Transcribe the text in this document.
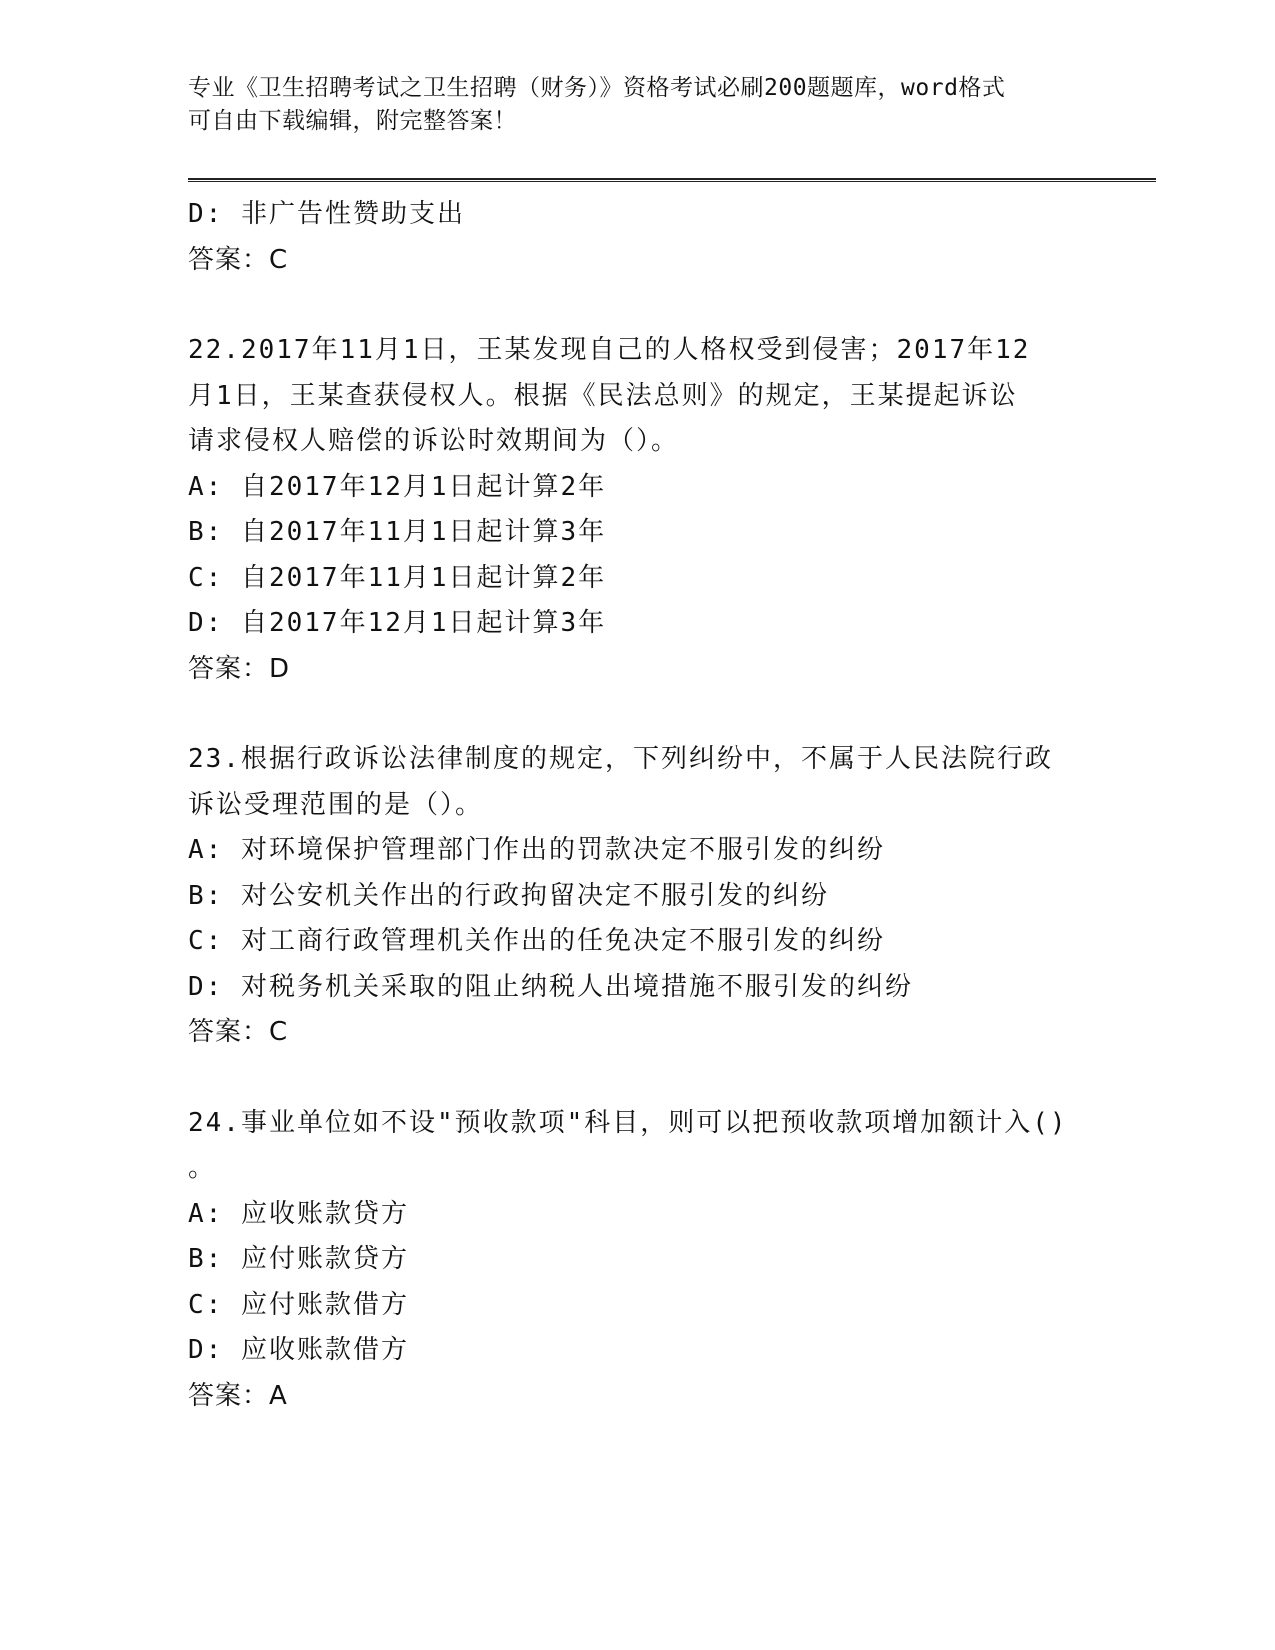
专业《卫生招聘考试之卫生招聘（财务）》资格考试必刷200题题库，word格式
可自由下载编辑，附完整答案！
D: 非广告性赞助支出
答案：C
22.2017年11月1日，王某发现自己的人格权受到侵害；2017年12
月1日，王某查获侵权人。根据《民法总则》的规定，王某提起诉讼
请求侵权人赔偿的诉讼时效期间为（）。
A: 自2017年12月1日起计算2年
B: 自2017年11月1日起计算3年
C: 自2017年11月1日起计算2年
D: 自2017年12月1日起计算3年
答案：D
23.根据行政诉讼法律制度的规定，下列纠纷中，不属于人民法院行政
诉讼受理范围的是（）。
A: 对环境保护管理部门作出的罚款决定不服引发的纠纷
B: 对公安机关作出的行政拘留决定不服引发的纠纷
C: 对工商行政管理机关作出的任免决定不服引发的纠纷
D: 对税务机关采取的阻止纳税人出境措施不服引发的纠纷
答案：C
24.事业单位如不设"预收款项"科目，则可以把预收款项增加额计入()
。
A: 应收账款贷方
B: 应付账款贷方
C: 应付账款借方
D: 应收账款借方
答案：A
